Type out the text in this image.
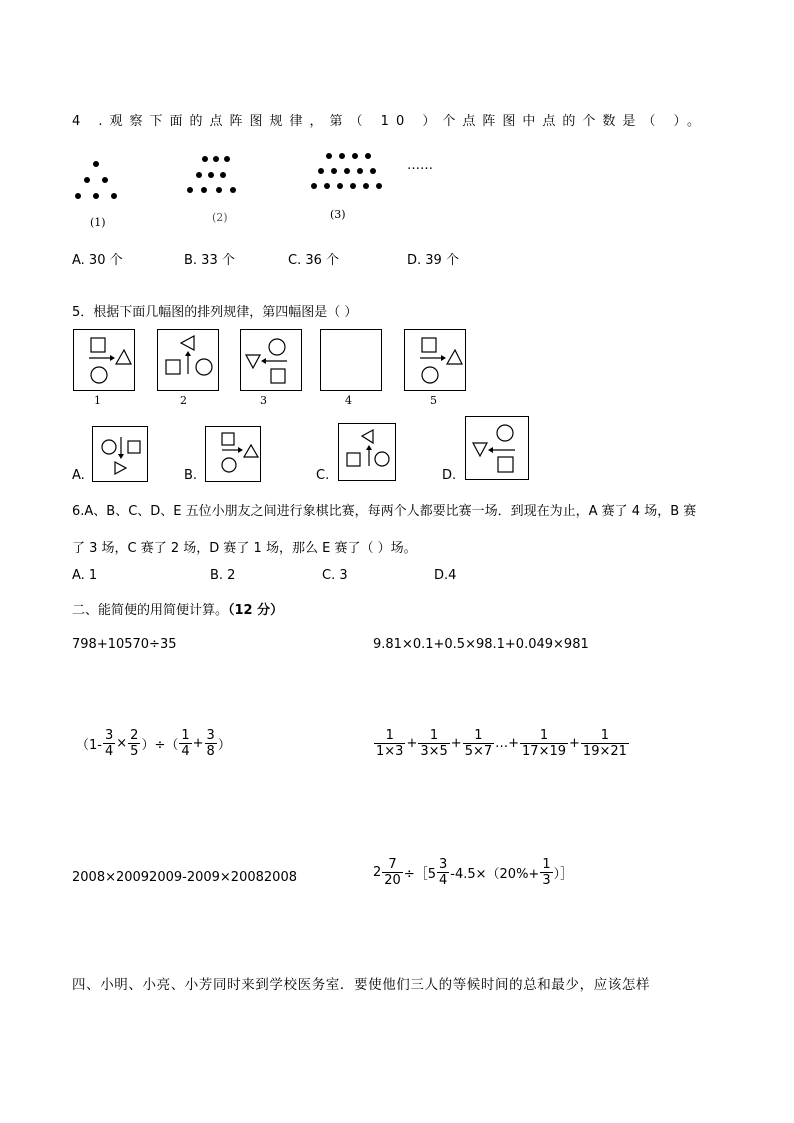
4 .观察下面的点阵图规律，第（ 10 ）个点阵图中点的个数是（ ）。
……
(1)	(2)	(3)
A. 30 个	B. 33 个	C. 36 个	D. 39 个
5．根据下面几幅图的排列规律，第四幅图是（ ）
1	2	3	4	5
A.	B.	C.	D.
6.A、B、C、D、E 五位小朋友之间进行象棋比赛，每两个人都要比赛一场．到现在为止，A 赛了 4 场，B 赛
了 3 场，C 赛了 2 场，D 赛了 1 场，那么 E 赛了（ ）场。
A. 1	B. 2	C. 3	D.4
二、能简便的用简便计算。（12 分）
798+10570÷35	9.81×0.1+0.5×98.1+0.049×981
（$1- \frac{3}{4} \times \frac{2}{5}$ ）÷（ $\frac{1}{4} + \frac{3}{8}$ ）	$\frac{1}{1\times 3} + \frac{1}{3\times 5} + \frac{1}{5\times 7}$ …+ $\frac{1}{17\times 19} + \frac{1}{19\times 21}$
2008×20092009-2009×20082008	$2 \frac{7}{20}$ ÷［5 $\frac{3}{4} -4.5\times(20\%+ \frac{1}{3}$ ）］
四、小明、小亮、小芳同时来到学校医务室．要使他们三人的等候时间的总和最少，应该怎样
